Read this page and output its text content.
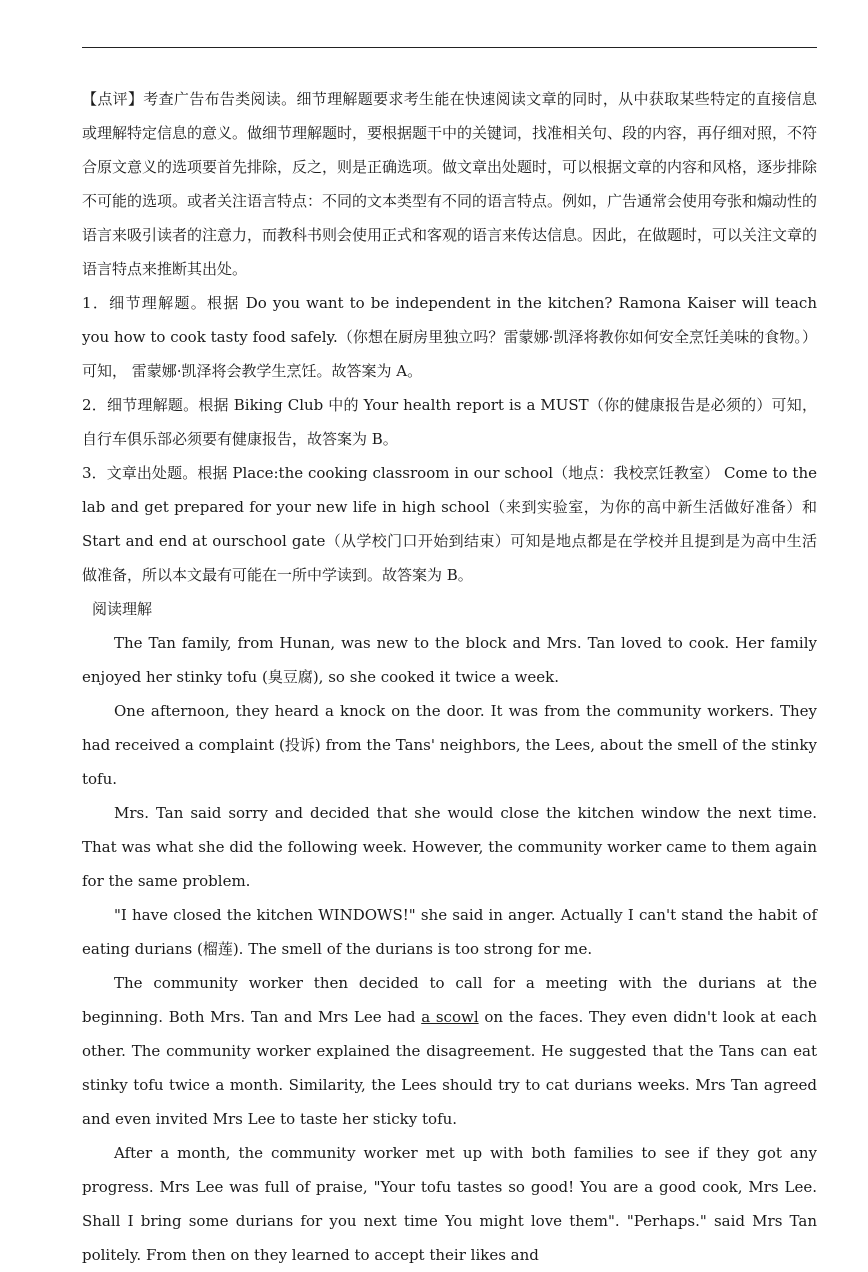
【点评】考查广告布告类阅读。细节理解题要求考生能在快速阅读文章的同时，从中获取某些特定的直接信息或理解特定信息的意义。做细节理解题时，要根据题干中的关键词，找准相关句、段的内容，再仔细对照，不符合原文意义的选项要首先排除，反之，则是正确选项。做文章出处题时，可以根据文章的内容和风格，逐步排除不可能的选项。或者关注语言特点：不同的文本类型有不同的语言特点。例如，广告通常会使用夸张和煽动性的语言来吸引读者的注意力，而教科书则会使用正式和客观的语言来传达信息。因此，在做题时，可以关注文章的语言特点来推断其出处。

1．细节理解题。根据 Do you want to be independent in the kitchen? Ramona Kaiser will teach you how to cook tasty food safely.（你想在厨房里独立吗？雷蒙娜·凯泽将教你如何安全烹饪美味的食物。）可知， 雷蒙娜·凯泽将会教学生烹饪。故答案为 A。

2．细节理解题。根据 Biking Club 中的 Your health report is a MUST（你的健康报告是必须的）可知，自行车俱乐部必须要有健康报告，故答案为 B。

3．文章出处题。根据 Place:the cooking classroom in our school（地点：我校烹饪教室） Come to the lab and get prepared for your new life in high school（来到实验室，为你的高中新生活做好准备）和 Start and end at ourschool gate（从学校门口开始到结束）可知是地点都是在学校并且提到是为高中生活做准备，所以本文最有可能在一所中学读到。故答案为 B。

阅读理解

The Tan family, from Hunan, was new to the block and Mrs. Tan loved to cook. Her family enjoyed her stinky tofu (臭豆腐), so she cooked it twice a week.

One afternoon, they heard a knock on the door. It was from the community workers. They had received a complaint (投诉) from the Tans' neighbors, the Lees, about the smell of the stinky tofu.

Mrs. Tan said sorry and decided that she would close the kitchen window the next time. That was what she did the following week. However, the community worker came to them again for the same problem.

"I have closed the kitchen WINDOWS!" she said in anger. Actually I can't stand the habit of eating durians (榴莲). The smell of the durians is too strong for me.

The community worker then decided to call for a meeting with the durians at the beginning. Both Mrs. Tan and Mrs Lee had a scowl on the faces. They even didn't look at each other. The community worker explained the disagreement. He suggested that the Tans can eat stinky tofu twice a month. Similarity, the Lees should try to cat durians weeks. Mrs Tan agreed and even invited Mrs Lee to taste her sticky tofu.

After a month, the community worker met up with both families to see if they got any progress. Mrs Lee was full of praise, "Your tofu tastes so good! You are a good cook, Mrs Lee. Shall I bring some durians for you next time You might love them". "Perhaps." said Mrs Tan politely. From then on they learned to accept their likes and
